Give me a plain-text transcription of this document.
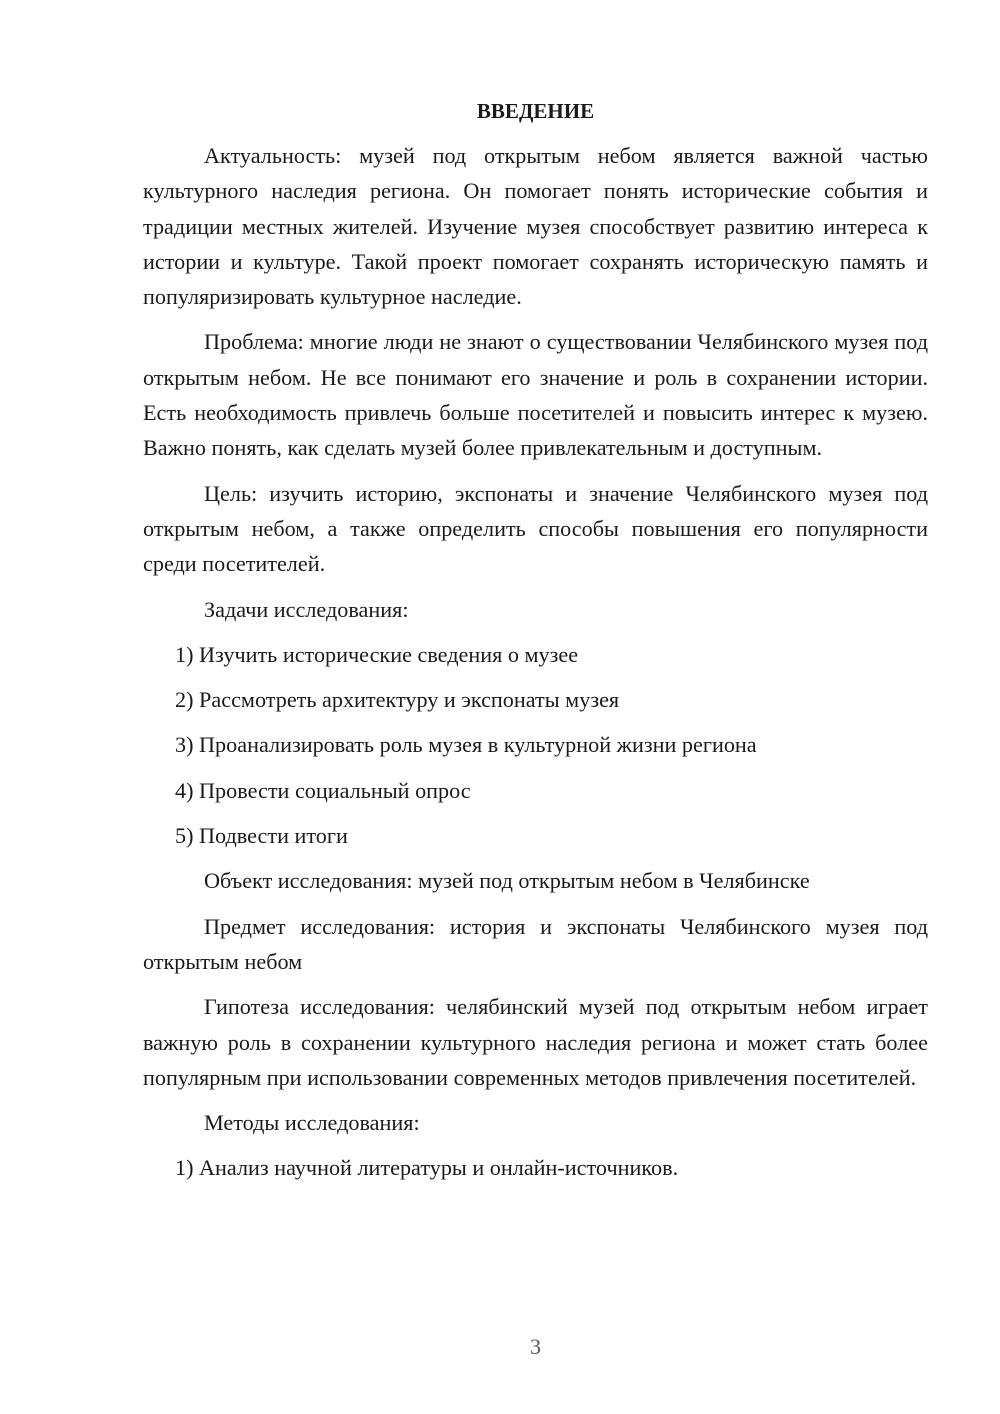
ВВЕДЕНИЕ
Актуальность: музей под открытым небом является важной частью культурного наследия региона. Он помогает понять исторические события и традиции местных жителей. Изучение музея способствует развитию интереса к истории и культуре. Такой проект помогает сохранять историческую память и популяризировать культурное наследие.
Проблема: многие люди не знают о существовании Челябинского музея под открытым небом. Не все понимают его значение и роль в сохранении истории. Есть необходимость привлечь больше посетителей и повысить интерес к музею. Важно понять, как сделать музей более привлекательным и доступным.
Цель: изучить историю, экспонаты и значение Челябинского музея под открытым небом, а также определить способы повышения его популярности среди посетителей.
Задачи исследования:
1) Изучить исторические сведения о музее
2) Рассмотреть архитектуру и экспонаты музея
3) Проанализировать роль музея в культурной жизни региона
4) Провести социальный опрос
5) Подвести итоги
Объект исследования: музей под открытым небом в Челябинске
Предмет исследования: история и экспонаты Челябинского музея под открытым небом
Гипотеза исследования: челябинский музей под открытым небом играет важную роль в сохранении культурного наследия региона и может стать более популярным при использовании современных методов привлечения посетителей.
Методы исследования:
1) Анализ научной литературы и онлайн-источников.
3
